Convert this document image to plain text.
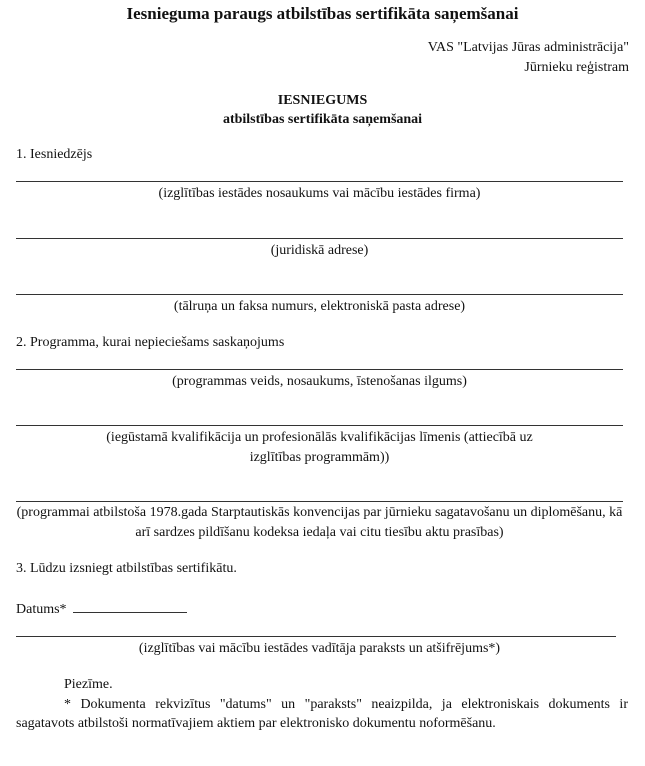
Iesnieguma paraugs atbilstības sertifikāta saņemšanai
VAS "Latvijas Jūras administrācija"
Jūrnieku reģistram
IESNIEGUMS
atbilstības sertifikāta saņemšanai
1. Iesniedzējs
(izglītības iestādes nosaukums vai mācību iestādes firma)
(juridiskā adrese)
(tālruņa un faksa numurs, elektroniskā pasta adrese)
2. Programma, kurai nepieciešams saskaņojums
(programmas veids, nosaukums, īstenošanas ilgums)
(iegūstamā kvalifikācija un profesionālās kvalifikācijas līmenis (attiecībā uz izglītības programmām))
(programmai atbilstoša 1978.gada Starptautiskās konvencijas par jūrnieku sagatavošanu un diplomēšanu, kā arī sardzes pildīšanu kodeksa iedaļa vai citu tiesību aktu prasības)
3. Lūdzu izsniegt atbilstības sertifikātu.
Datums*
(izglītības vai mācību iestādes vadītāja paraksts un atšifrējums*)
Piezīme.
* Dokumenta rekvizītus "datums" un "paraksts" neaizpilda, ja elektroniskais dokuments ir sagatavots atbilstoši normatīvajiem aktiem par elektronisko dokumentu noformēšanu.
